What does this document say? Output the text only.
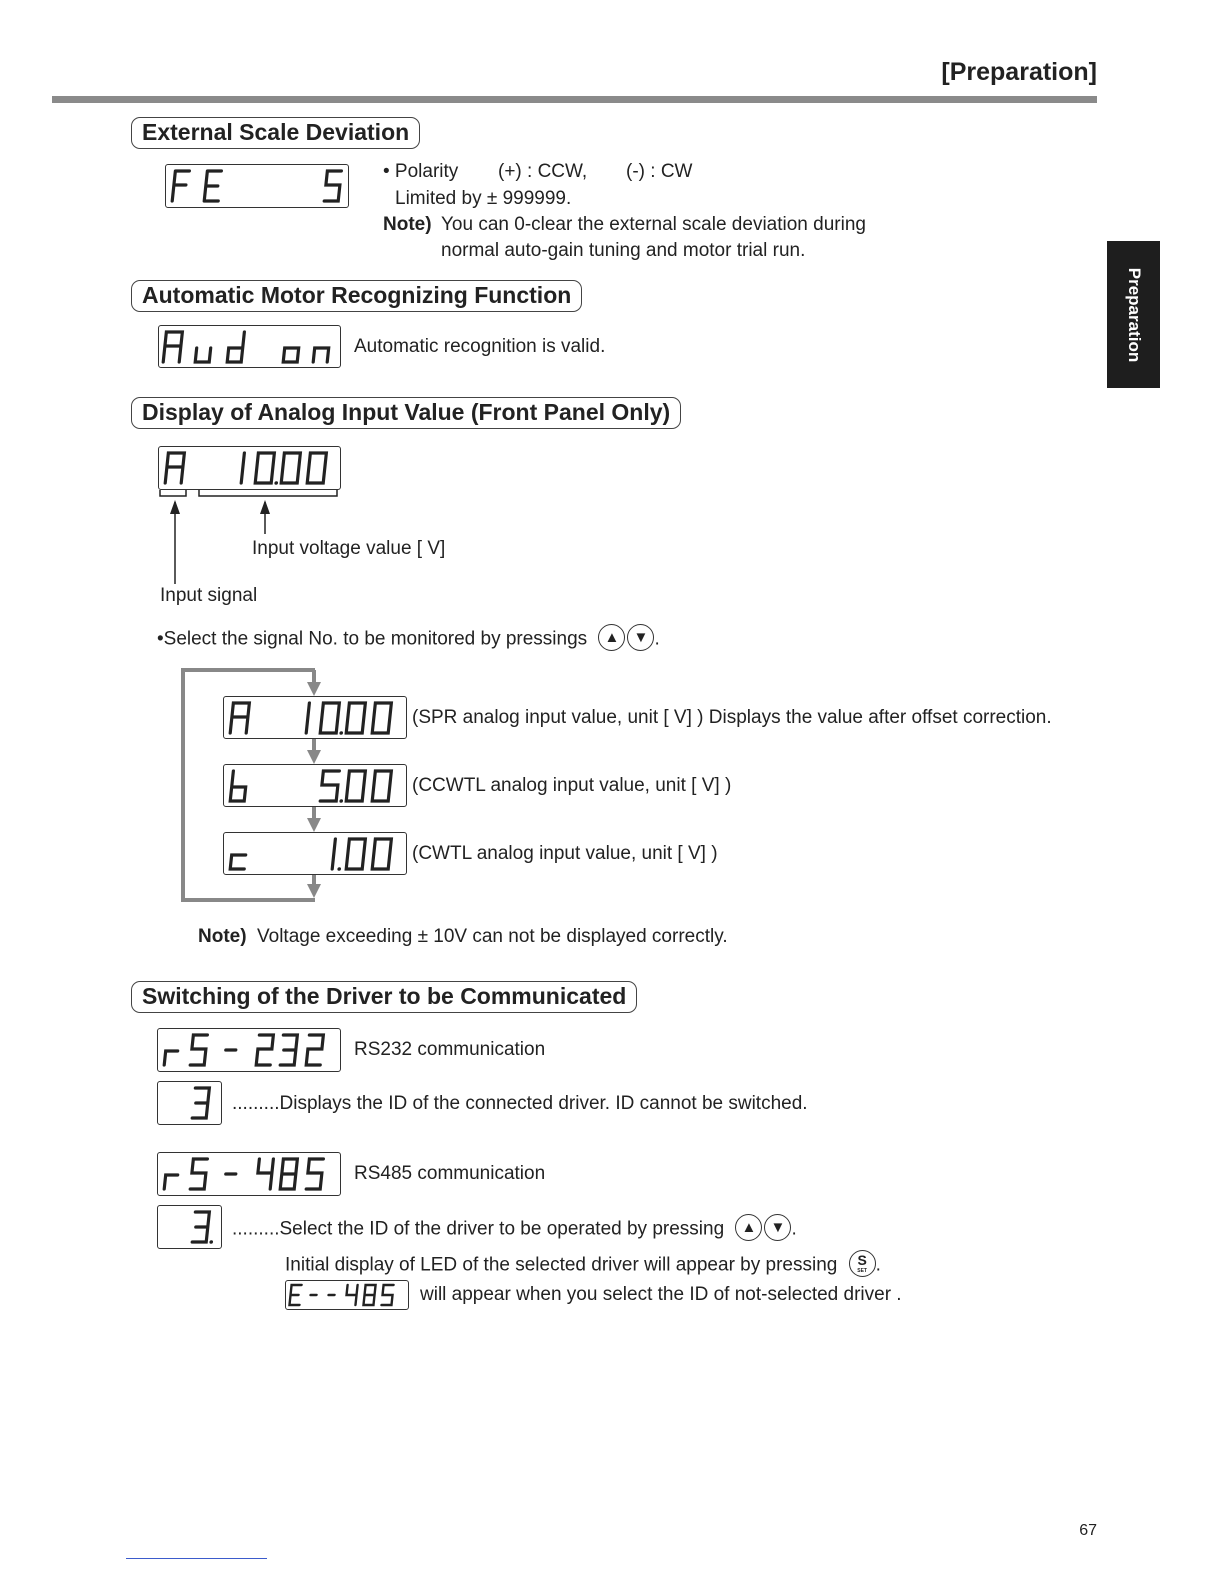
[Preparation]
Preparation
External Scale Deviation
• Polarity (+) : CCW, (-) : CW
Limited by ± 999999.
Note) You can 0-clear the external scale deviation during
normal auto-gain tuning and motor trial run.
Automatic Motor Recognizing Function
Automatic recognition is valid.
Display of Analog Input Value (Front Panel Only)
Input voltage value [ V]
Input signal
•Select the signal No. to be monitored by pressings ▲ ▼ .
(SPR analog input value, unit [ V] ) Displays the value after offset correction.
(CCWTL analog input value, unit [ V] )
(CWTL analog input value, unit [ V] )
Note) Voltage exceeding ± 10V can not be displayed correctly.
Switching of the Driver to be Communicated
RS232 communication
.........Displays the ID of the connected driver. ID cannot be switched.
RS485 communication
.........Select the ID of the driver to be operated by pressing ▲ ▼ .
Initial display of LED of the selected driver will appear by pressing S
SET .
will appear when you select the ID of not-selected driver .
67
